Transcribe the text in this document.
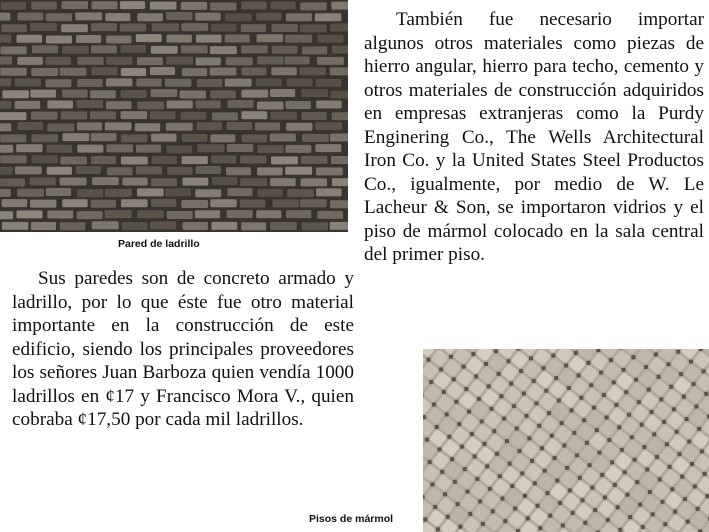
Pared de ladrillo

También fue necesario importar algunos otros materiales como piezas de hierro angular, hierro para techo, cemento y otros materiales de construcción adquiridos en empresas extranjeras como la Purdy Enginering Co., The Wells Architectural Iron Co. y la United States Steel Productos Co., igualmente, por medio de W. Le Lacheur & Son, se importaron vidrios y el piso de mármol colocado en la sala central del primer piso.

Sus paredes son de concreto armado y ladrillo, por lo que éste fue otro material importante en la construcción de este edificio, siendo los principales proveedores los señores Juan Barboza quien vendía 1000 ladrillos en ¢17 y Francisco Mora V., quien cobraba ¢17,50 por cada mil ladrillos.

Pisos de mármol
